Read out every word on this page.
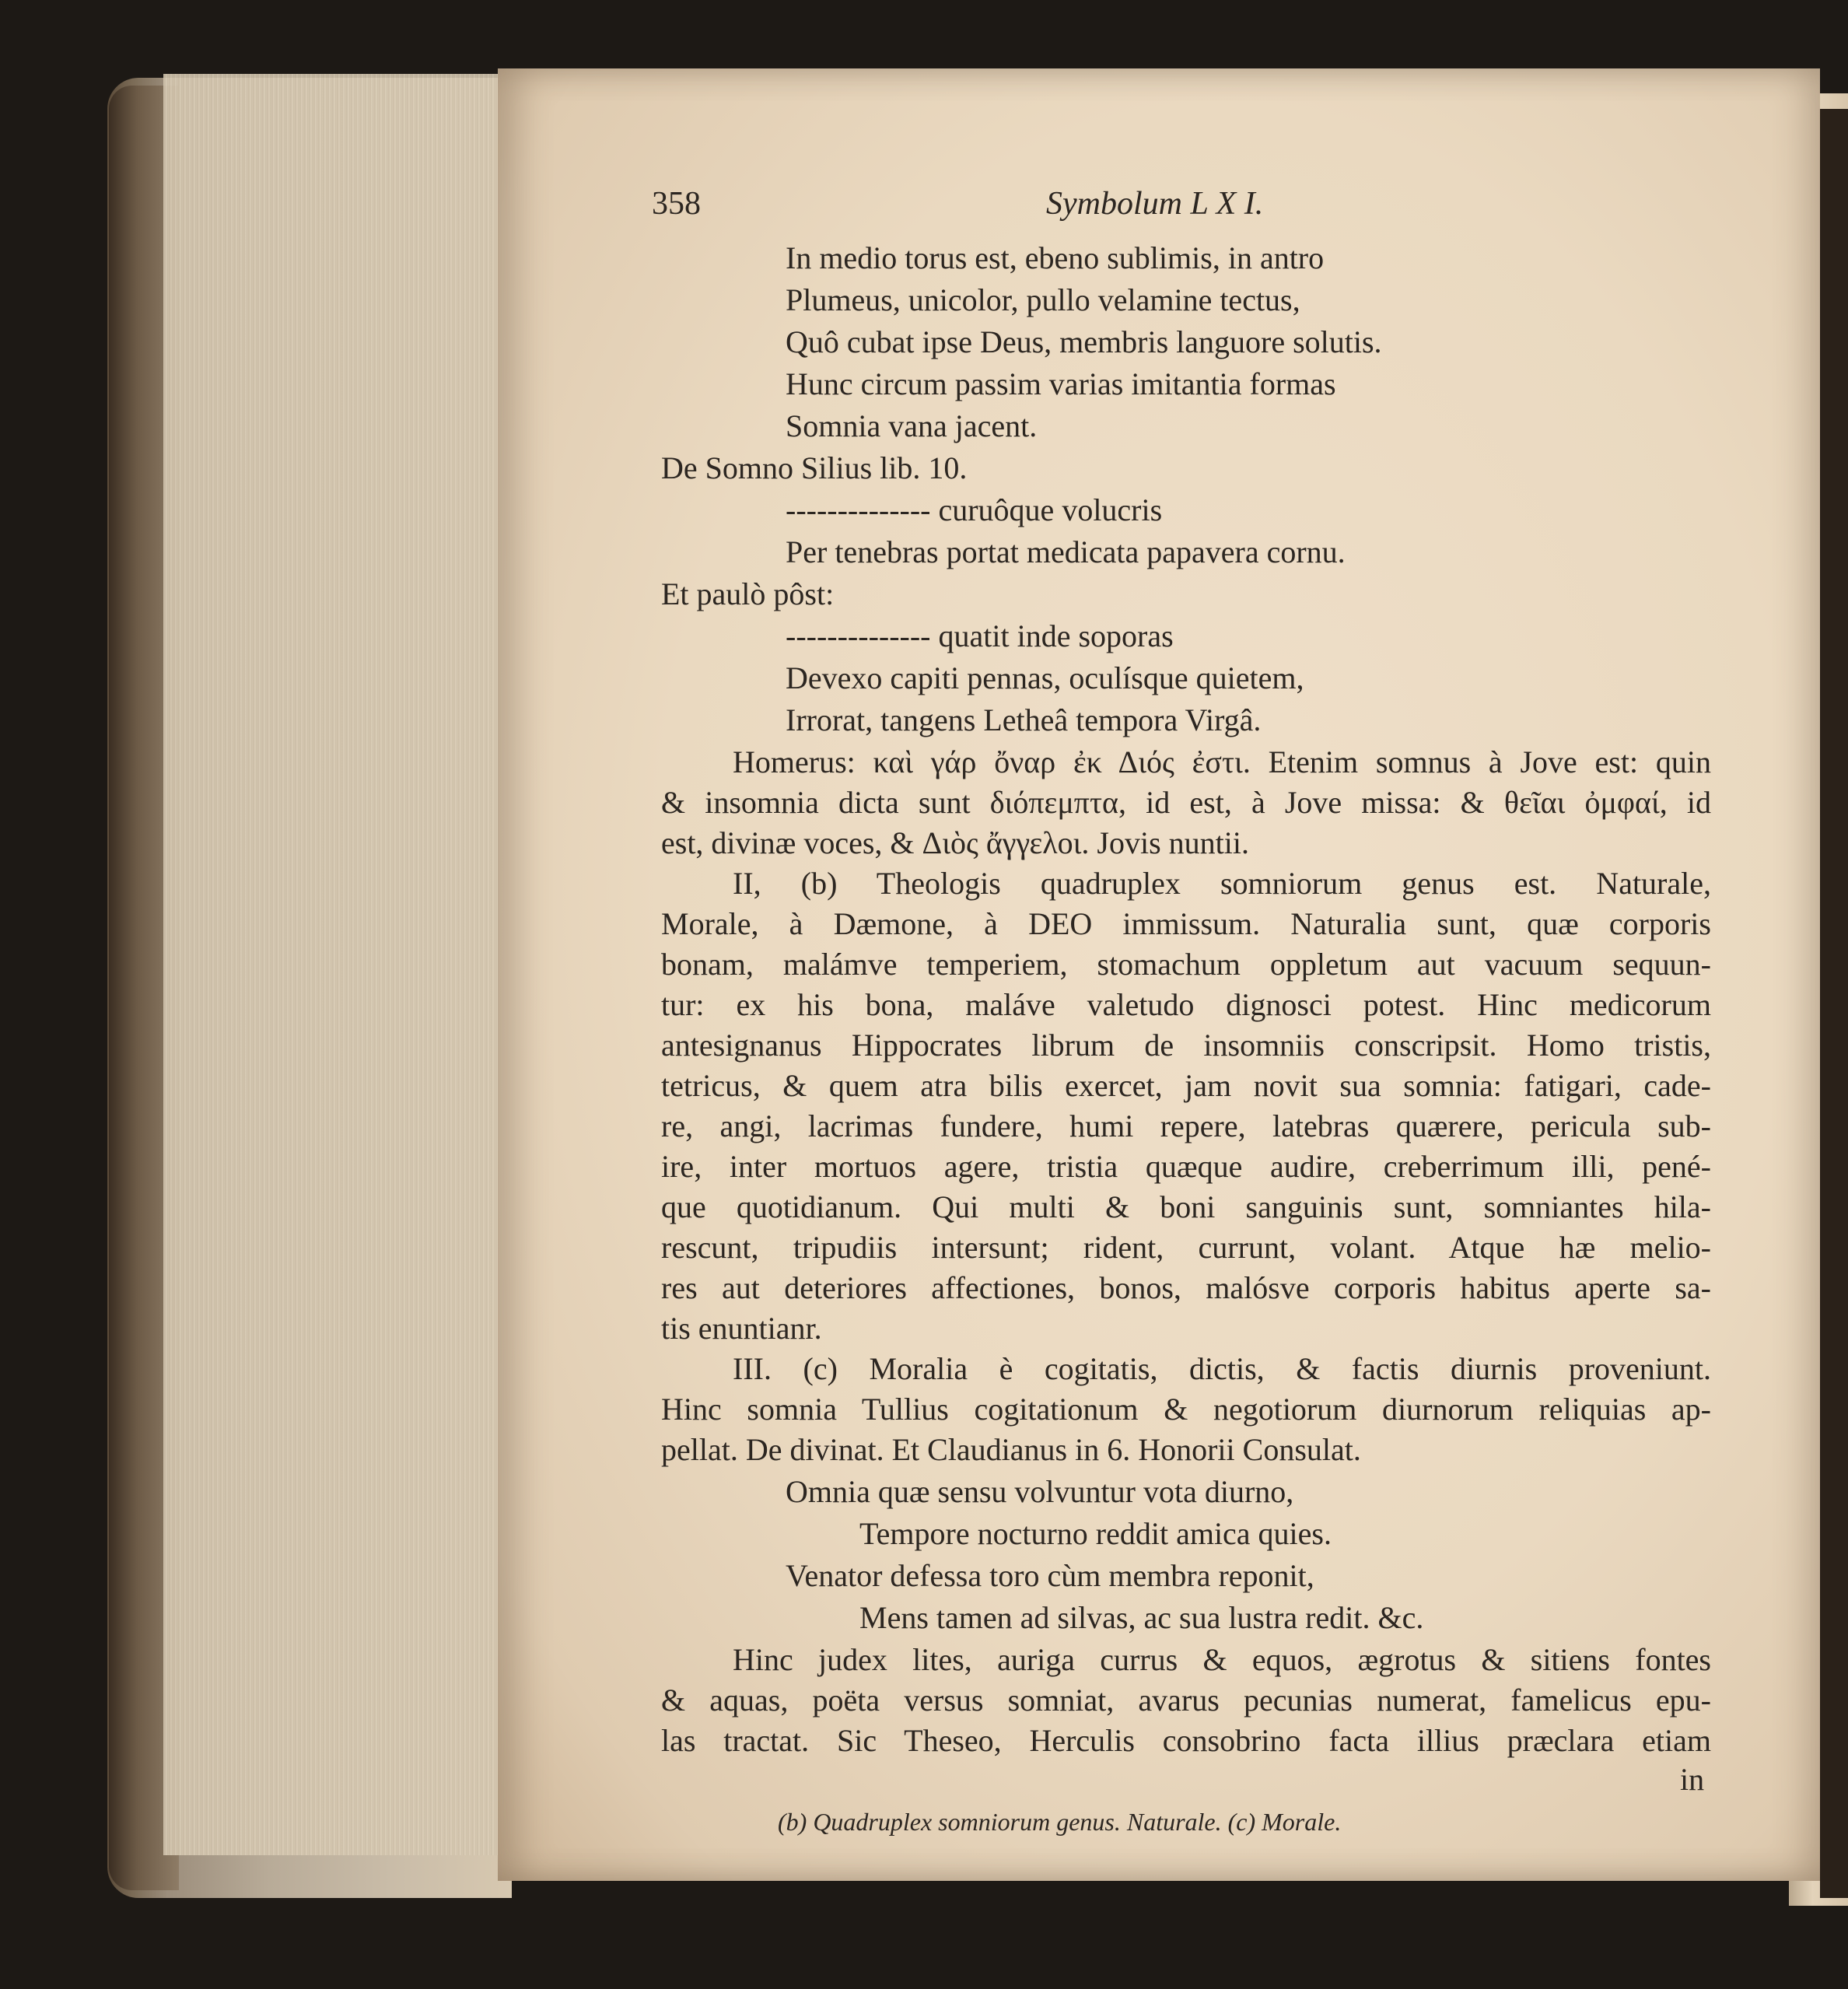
358	Symbolum L X I.
In medio torus est, ebeno sublimis, in antro
Plumeus, unicolor, pullo velamine tectus,
Quô cubat ipse Deus, membris languore solutis.
Hunc circum passim varias imitantia formas
Somnia vana jacent.
De Somno Silius lib. 10.
-------------- curuôque volucris
Per tenebras portat medicata papavera cornu.
Et paulò pôst:
-------------- quatit inde soporas
Devexo capiti pennas, oculísque quietem,
Irrorat, tangens Letheâ tempora Virgâ.
Homerus: καὶ γάρ ὄναρ ἐκ Διός ἐστι. Etenim somnus à Jove est: quin
& insomnia dicta sunt διόπεμπτα, id est, à Jove missa: & θεῖαι ὀμφαί, id
est, divinæ voces, & Διὸς ἄγγελοι. Jovis nuntii.
II, (b) Theologis quadruplex somniorum genus est. Naturale,
Morale, à Dæmone, à DEO immissum. Naturalia sunt, quæ corporis
bonam, malámve temperiem, stomachum oppletum aut vacuum sequun-
tur: ex his bona, maláve valetudo dignosci potest. Hinc medicorum
antesignanus Hippocrates librum de insomniis conscripsit. Homo tristis,
tetricus, & quem atra bilis exercet, jam novit sua somnia: fatigari, cade-
re, angi, lacrimas fundere, humi repere, latebras quærere, pericula sub-
ire, inter mortuos agere, tristia quæque audire, creberrimum illi, pené-
que quotidianum. Qui multi & boni sanguinis sunt, somniantes hila-
rescunt, tripudiis intersunt; rident, currunt, volant. Atque hæ melio-
res aut deteriores affectiones, bonos, malósve corporis habitus aperte sa-
tis enuntianr.
III. (c) Moralia è cogitatis, dictis, & factis diurnis proveniunt.
Hinc somnia Tullius cogitationum & negotiorum diurnorum reliquias ap-
pellat. De divinat. Et Claudianus in 6. Honorii Consulat.
Omnia quæ sensu volvuntur vota diurno,
Tempore nocturno reddit amica quies.
Venator defessa toro cùm membra reponit,
Mens tamen ad silvas, ac sua lustra redit. &c.
Hinc judex lites, auriga currus & equos, ægrotus & sitiens fontes
& aquas, poëta versus somniat, avarus pecunias numerat, famelicus epu-
las tractat. Sic Theseo, Herculis consobrino facta illius præclara etiam
in
(b) Quadruplex somniorum genus. Naturale. (c) Morale.
